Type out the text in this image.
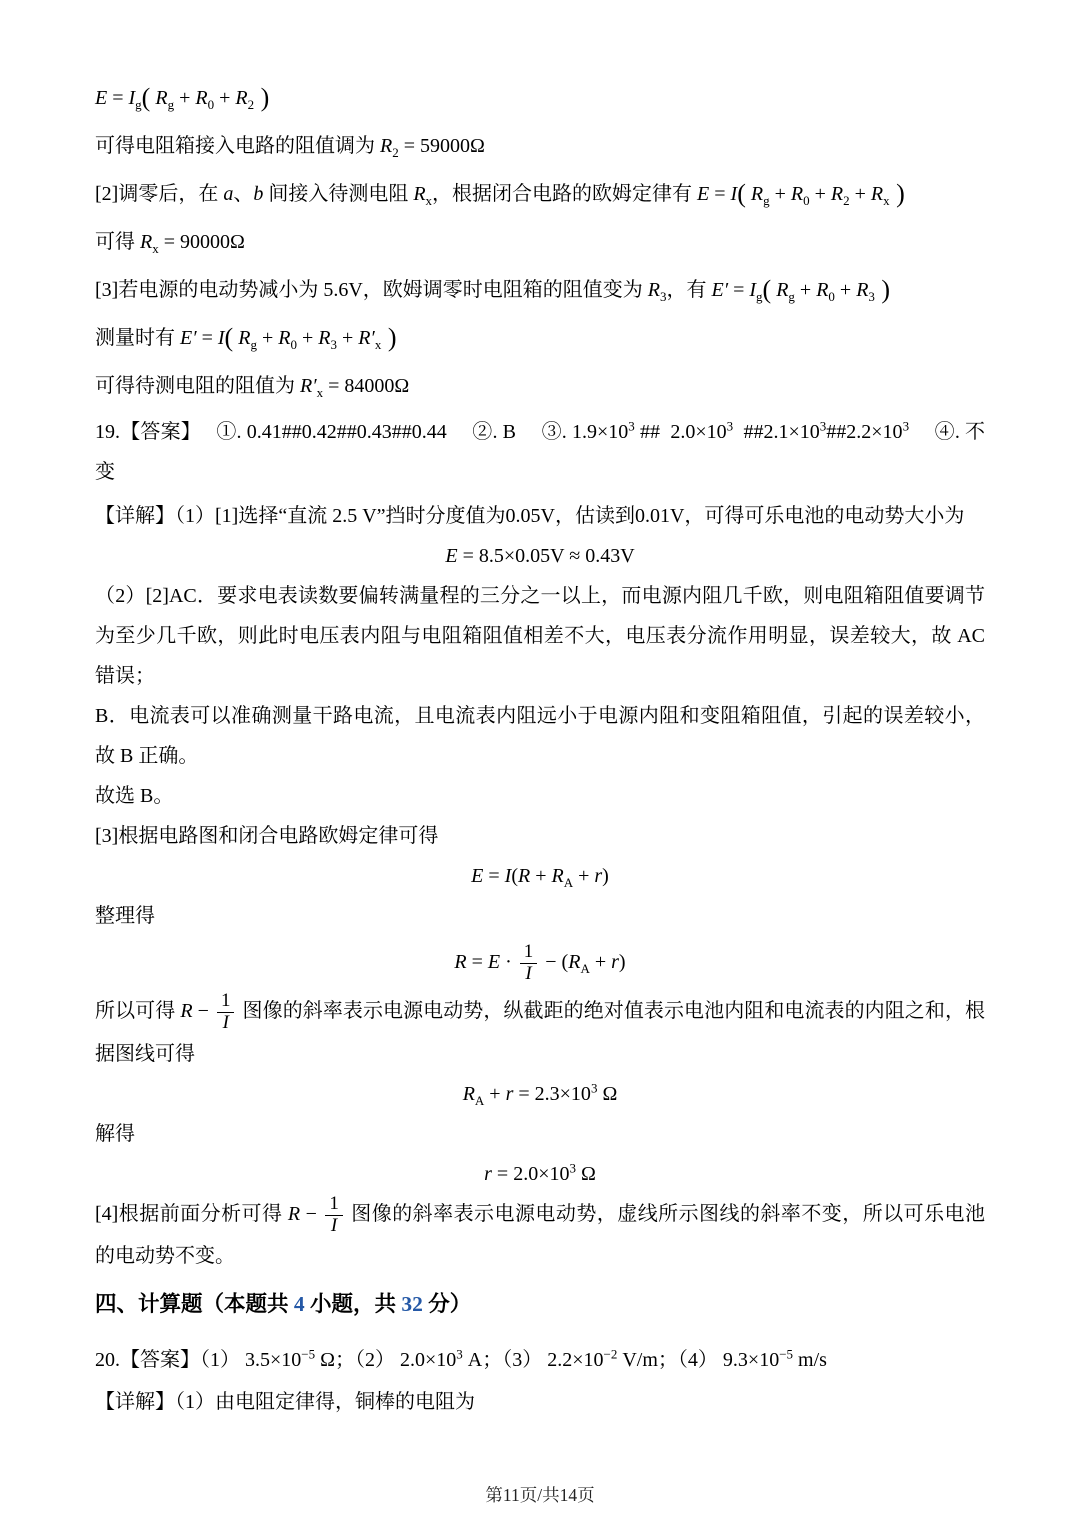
$E = I_g$( $R_g + R_0 + R_2$ )
可得电阻箱接入电路的阻值调为 $R_2 = 59000\Omega$
[2]调零后，在 a、b 间接入待测电阻 $R_x$，根据闭合电路的欧姆定律有 E = I( $R_g + R_0 + R_2 + R_x$ )
可得 $R_x = 90000\Omega$
[3]若电源的电动势减小为 5.6V，欧姆调零时电阻箱的阻值变为 $R_3$，有 $E' = I_g$( $R_g + R_0 + R_3$ )
测量时有 E′ = I( $R_g + R_0 + R_3 + R'_x$ )
可得待测电阻的阻值为 $R'_x = 84000\Omega$
19.【答案】　 ①. 0.41##0.42##0.43##0.44　 ②. B　 ③. $1.9\times 10^3$ ##  $2.0\times 10^3$  $\#\#2.1\times 10^3\#\#2.2\times 10^3$　 ④. 不变
【详解】（1）[1]选择“直流 2.5 V”挡时分度值为0.05V，估读到0.01V，可得可乐电池的电动势大小为
E = 8.5×0.05V ≈ 0.43V
（2）[2]AC．要求电表读数要偏转满量程的三分之一以上，而电源内阻几千欧，则电阻箱阻值要调节为至少几千欧，则此时电压表内阻与电阻箱阻值相差不大，电压表分流作用明显，误差较大，故 AC 错误；
B．电流表可以准确测量干路电流，且电流表内阻远小于电源内阻和变阻箱阻值，引起的误差较小，故 B 正确。
故选 B。
[3]根据电路图和闭合电路欧姆定律可得
$E = I(R + R_A + r)$
整理得
$R = E \cdot \frac{1}{I} - (R_A + r)$
所以可得 $R - \frac{1}{I}$ 图像的斜率表示电源电动势，纵截距的绝对值表示电池内阻和电流表的内阻之和，根据图线可得
$R_A + r = 2.3\times 10^3$ Ω
解得
$r = 2.0\times 10^3$ Ω
[4]根据前面分析可得 $R - \frac{1}{I}$ 图像的斜率表示电源电动势，虚线所示图线的斜率不变，所以可乐电池的电动势不变。
四、计算题（本题共 4 小题，共 32 分）
20.【答案】（1） $3.5\times 10^{-5}$ Ω；（2） $2.0\times 10^3$ A；（3） $2.2\times 10^{-2}$ V/m；（4） $9.3\times 10^{-5}$ m/s
【详解】（1）由电阻定律得，铜棒的电阻为
第11页/共14页
